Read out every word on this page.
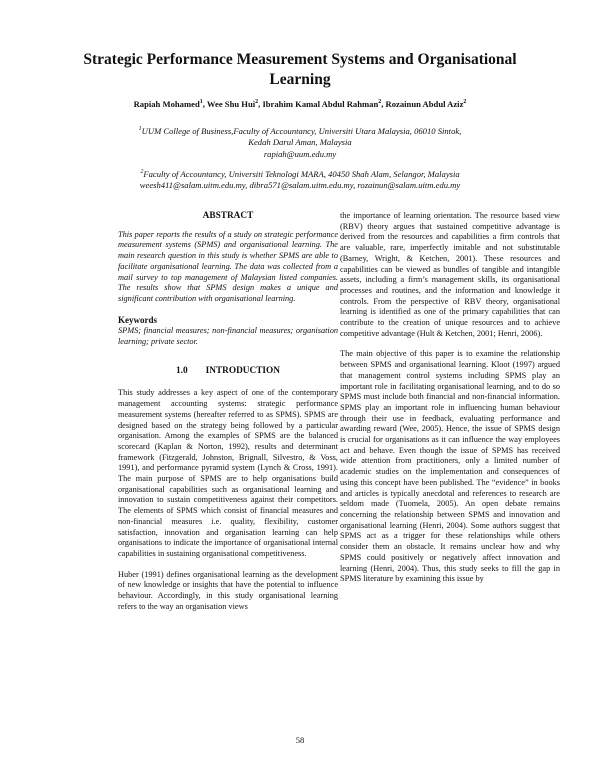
Strategic Performance Measurement Systems and Organisational Learning
Rapiah Mohamed$^1$, Wee Shu Hui$^2$, Ibrahim Kamal Abdul Rahman$^2$, Rozainun Abdul Aziz$^2$
$^1$UUM College of Business,Faculty of Accountancy, Universiti Utara Malaysia, 06010 Sintok,
Kedah Darul Aman, Malaysia
rapiah@uum.edu.my
$^2$Faculty of Accountancy, Universiti Teknologi MARA, 40450 Shah Alam, Selangor, Malaysia
weesh411@salam.uitm.edu.my, dibra571@salam.uitm.edu.my, rozainun@salam.uitm.edu.my

ABSTRACT

This paper reports the results of a study on strategic performance measurement systems (SPMS) and organisational learning. The main research question in this study is whether SPMS are able to facilitate organisational learning. The data was collected from a mail survey to top management of Malaysian listed companies. The results show that SPMS design makes a unique and significant contribution with organisational learning.

Keywords

SPMS; financial measures; non-financial measures; organisation learning; private sector.

1.0 INTRODUCTION

This study addresses a key aspect of one of the contemporary management accounting systems: strategic performance measurement systems (hereafter referred to as SPMS). SPMS are designed based on the strategy being followed by a particular organisation. Among the examples of SPMS are the balanced scorecard (Kaplan & Norton, 1992), results and determinant framework (Fitzgerald, Johnston, Brignall, Silvestro, & Voss, 1991), and performance pyramid system (Lynch & Cross, 1991). The main purpose of SPMS are to help organisations build organisational capabilities such as organisational learning and innovation to sustain competitiveness against their competitors. The elements of SPMS which consist of financial measures and non-financial measures i.e. quality, flexibility, customer satisfaction, innovation and organisation learning can help organisations to indicate the importance of organisational internal capabilities in sustaining organisational competitiveness.

Huber (1991) defines organisational learning as the development of new knowledge or insights that have the potential to influence behaviour. Accordingly, in this study organisational learning refers to the way an organisation views

the importance of learning orientation. The resource based view (RBV) theory argues that sustained competitive advantage is derived from the resources and capabilities a firm controls that are valuable, rare, imperfectly imitable and not substitutable (Barney, Wright, & Ketchen, 2001). These resources and capabilities can be viewed as bundles of tangible and intangible assets, including a firm’s management skills, its organisational processes and routines, and the information and knowledge it controls. From the perspective of RBV theory, organisational learning is identified as one of the primary capabilities that can contribute to the creation of unique resources and to achieve competitive advantage (Hult & Ketchen, 2001; Henri, 2006).

The main objective of this paper is to examine the relationship between SPMS and organisational learning. Kloot (1997) argued that management control systems including SPMS play an important role in facilitating organisational learning, and to do so SPMS must include both financial and non-financial information. SPMS play an important role in influencing human behaviour through their use in feedback, evaluating performance and awarding reward (Wee, 2005). Hence, the issue of SPMS design is crucial for organisations as it can influence the way employees act and behave. Even though the issue of SPMS has received wide attention from practitioners, only a limited number of academic studies on the implementation and consequences of using this concept have been published. The “evidence” in books and articles is typically anecdotal and references to research are seldom made (Tuomela, 2005). An open debate remains concerning the relationship between SPMS and innovation and organisational learning (Henri, 2004). Some authors suggest that SPMS act as a trigger for these relationships while others consider them an obstacle. It remains unclear how and why SPMS could positively or negatively affect innovation and learning (Henri, 2004). Thus, this study seeks to fill the gap in SPMS literature by examining this issue by

58
